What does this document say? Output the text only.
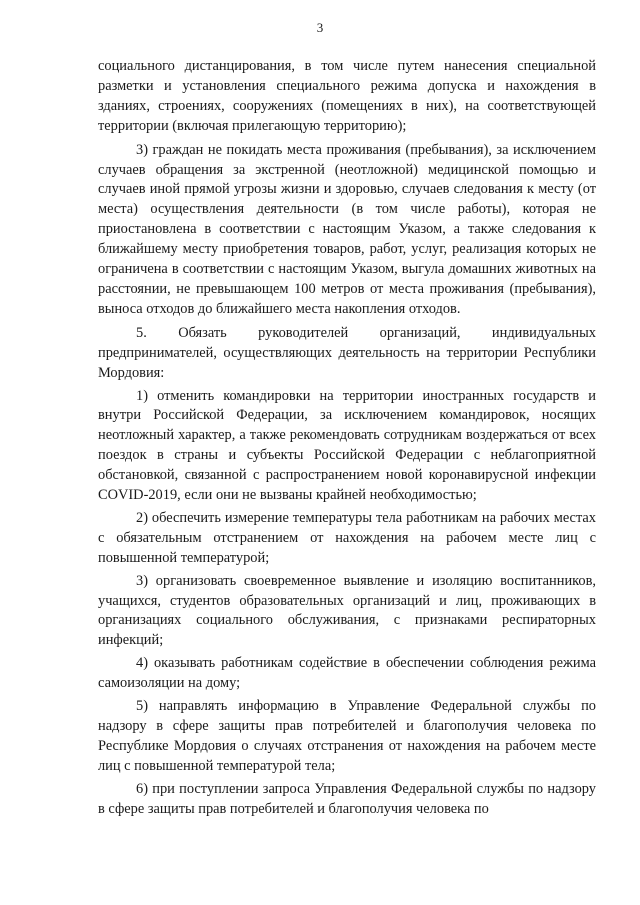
3

социального дистанцирования, в том числе путем нанесения специальной разметки и установления специального режима допуска и нахождения в зданиях, строениях, сооружениях (помещениях в них), на соответствующей территории (включая прилегающую территорию);

3) граждан не покидать места проживания (пребывания), за исключением случаев обращения за экстренной (неотложной) медицинской помощью и случаев иной прямой угрозы жизни и здоровью, случаев следования к месту (от места) осуществления деятельности (в том числе работы), которая не приостановлена в соответствии с настоящим Указом, а также следования к ближайшему месту приобретения товаров, работ, услуг, реализация которых не ограничена в соответствии с настоящим Указом, выгула домашних животных на расстоянии, не превышающем 100 метров от места проживания (пребывания), выноса отходов до ближайшего места накопления отходов.

5. Обязать руководителей организаций, индивидуальных предпринимателей, осуществляющих деятельность на территории Республики Мордовия:

1) отменить командировки на территории иностранных государств и внутри Российской Федерации, за исключением командировок, носящих неотложный характер, а также рекомендовать сотрудникам воздержаться от всех поездок в страны и субъекты Российской Федерации с неблагоприятной обстановкой, связанной с распространением новой коронавирусной инфекции COVID-2019, если они не вызваны крайней необходимостью;

2) обеспечить измерение температуры тела работникам на рабочих местах с обязательным отстранением от нахождения на рабочем месте лиц с повышенной температурой;

3) организовать своевременное выявление и изоляцию воспитанников, учащихся, студентов образовательных организаций и лиц, проживающих в организациях социального обслуживания, с признаками респираторных инфекций;

4) оказывать работникам содействие в обеспечении соблюдения режима самоизоляции на дому;

5) направлять информацию в Управление Федеральной службы по надзору в сфере защиты прав потребителей и благополучия человека по Республике Мордовия о случаях отстранения от нахождения на рабочем месте лиц с повышенной температурой тела;

6) при поступлении запроса Управления Федеральной службы по надзору в сфере защиты прав потребителей и благополучия человека по
